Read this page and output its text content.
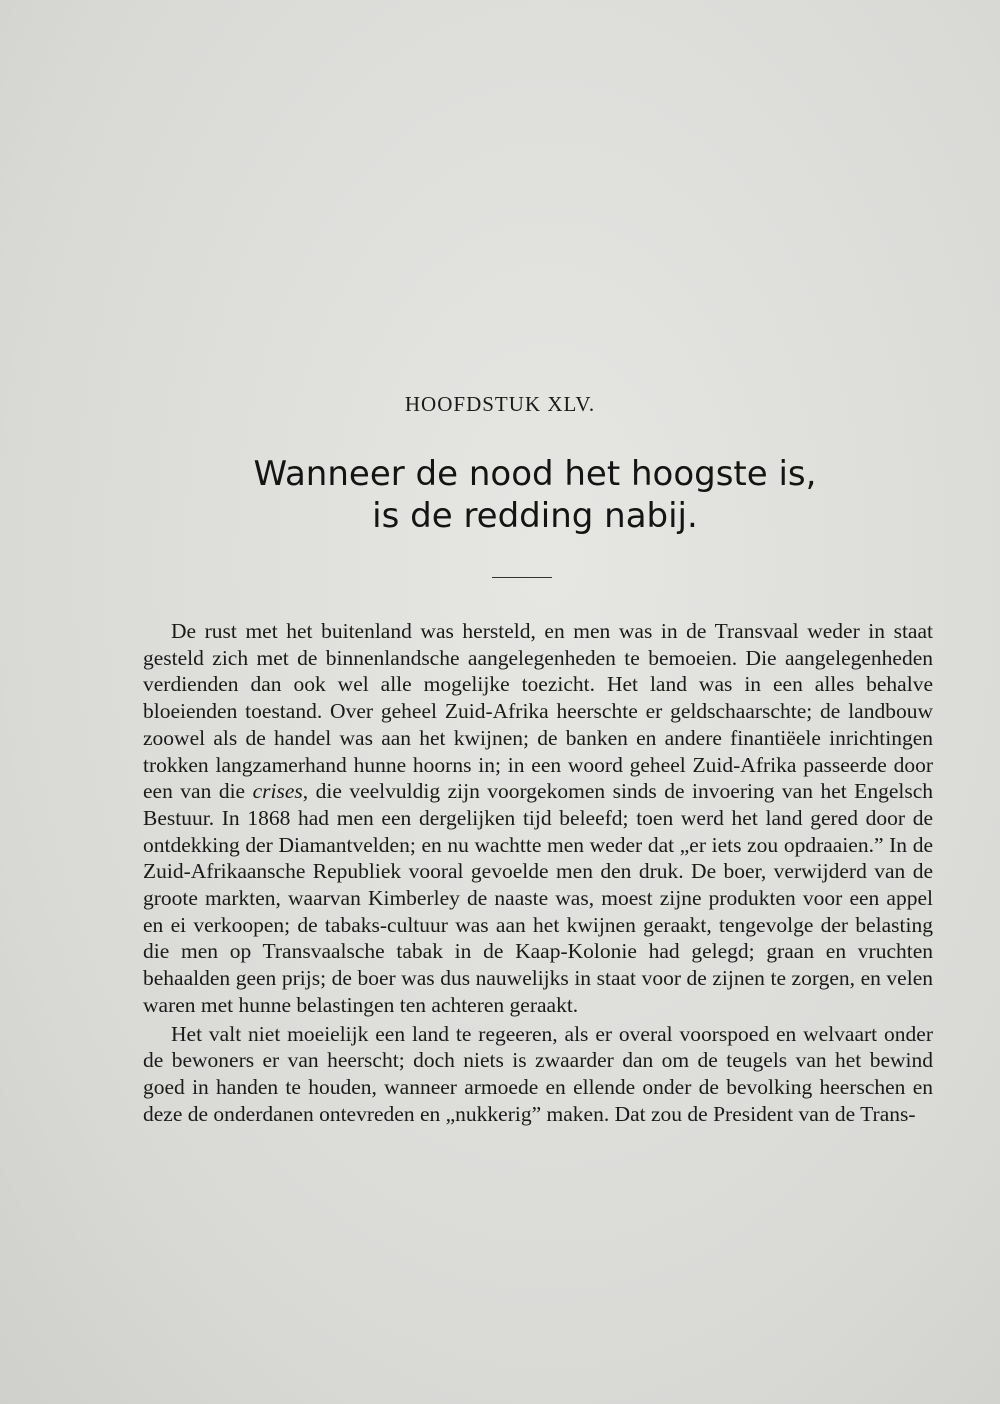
HOOFDSTUK XLV.
Wanneer de nood het hoogste is,
is de redding nabij.

De rust met het buitenland was hersteld, en men was in de Transvaal weder in staat gesteld zich met de binnenlandsche aangelegenheden te bemoeien. Die aangelegenheden verdienden dan ook wel alle mogelijke toezicht. Het land was in een alles behalve bloeienden toestand. Over geheel Zuid-Afrika heerschte er geldschaarschte; de landbouw zoowel als de handel was aan het kwijnen; de banken en andere finantiëele inrichtingen trokken langzamerhand hunne hoorns in; in een woord geheel Zuid-Afrika passeerde door een van die crises, die veelvuldig zijn voorgekomen sinds de invoering van het Engelsch Bestuur. In 1868 had men een dergelijken tijd beleefd; toen werd het land gered door de ontdekking der Diamantvelden; en nu wachtte men weder dat „er iets zou opdraaien.” In de Zuid-Afrikaansche Republiek vooral gevoelde men den druk. De boer, verwijderd van de groote markten, waarvan Kimberley de naaste was, moest zijne produkten voor een appel en ei verkoopen; de tabaks-cultuur was aan het kwijnen geraakt, tengevolge der belasting die men op Transvaalsche tabak in de Kaap-Kolonie had gelegd; graan en vruchten behaalden geen prijs; de boer was dus nauwelijks in staat voor de zijnen te zorgen, en velen waren met hunne belastingen ten achteren geraakt.

Het valt niet moeielijk een land te regeeren, als er overal voorspoed en welvaart onder de bewoners er van heerscht; doch niets is zwaarder dan om de teugels van het bewind goed in handen te houden, wanneer armoede en ellende onder de bevolking heerschen en deze de onderdanen ontevreden en „nukkerig” maken. Dat zou de President van de Trans-
